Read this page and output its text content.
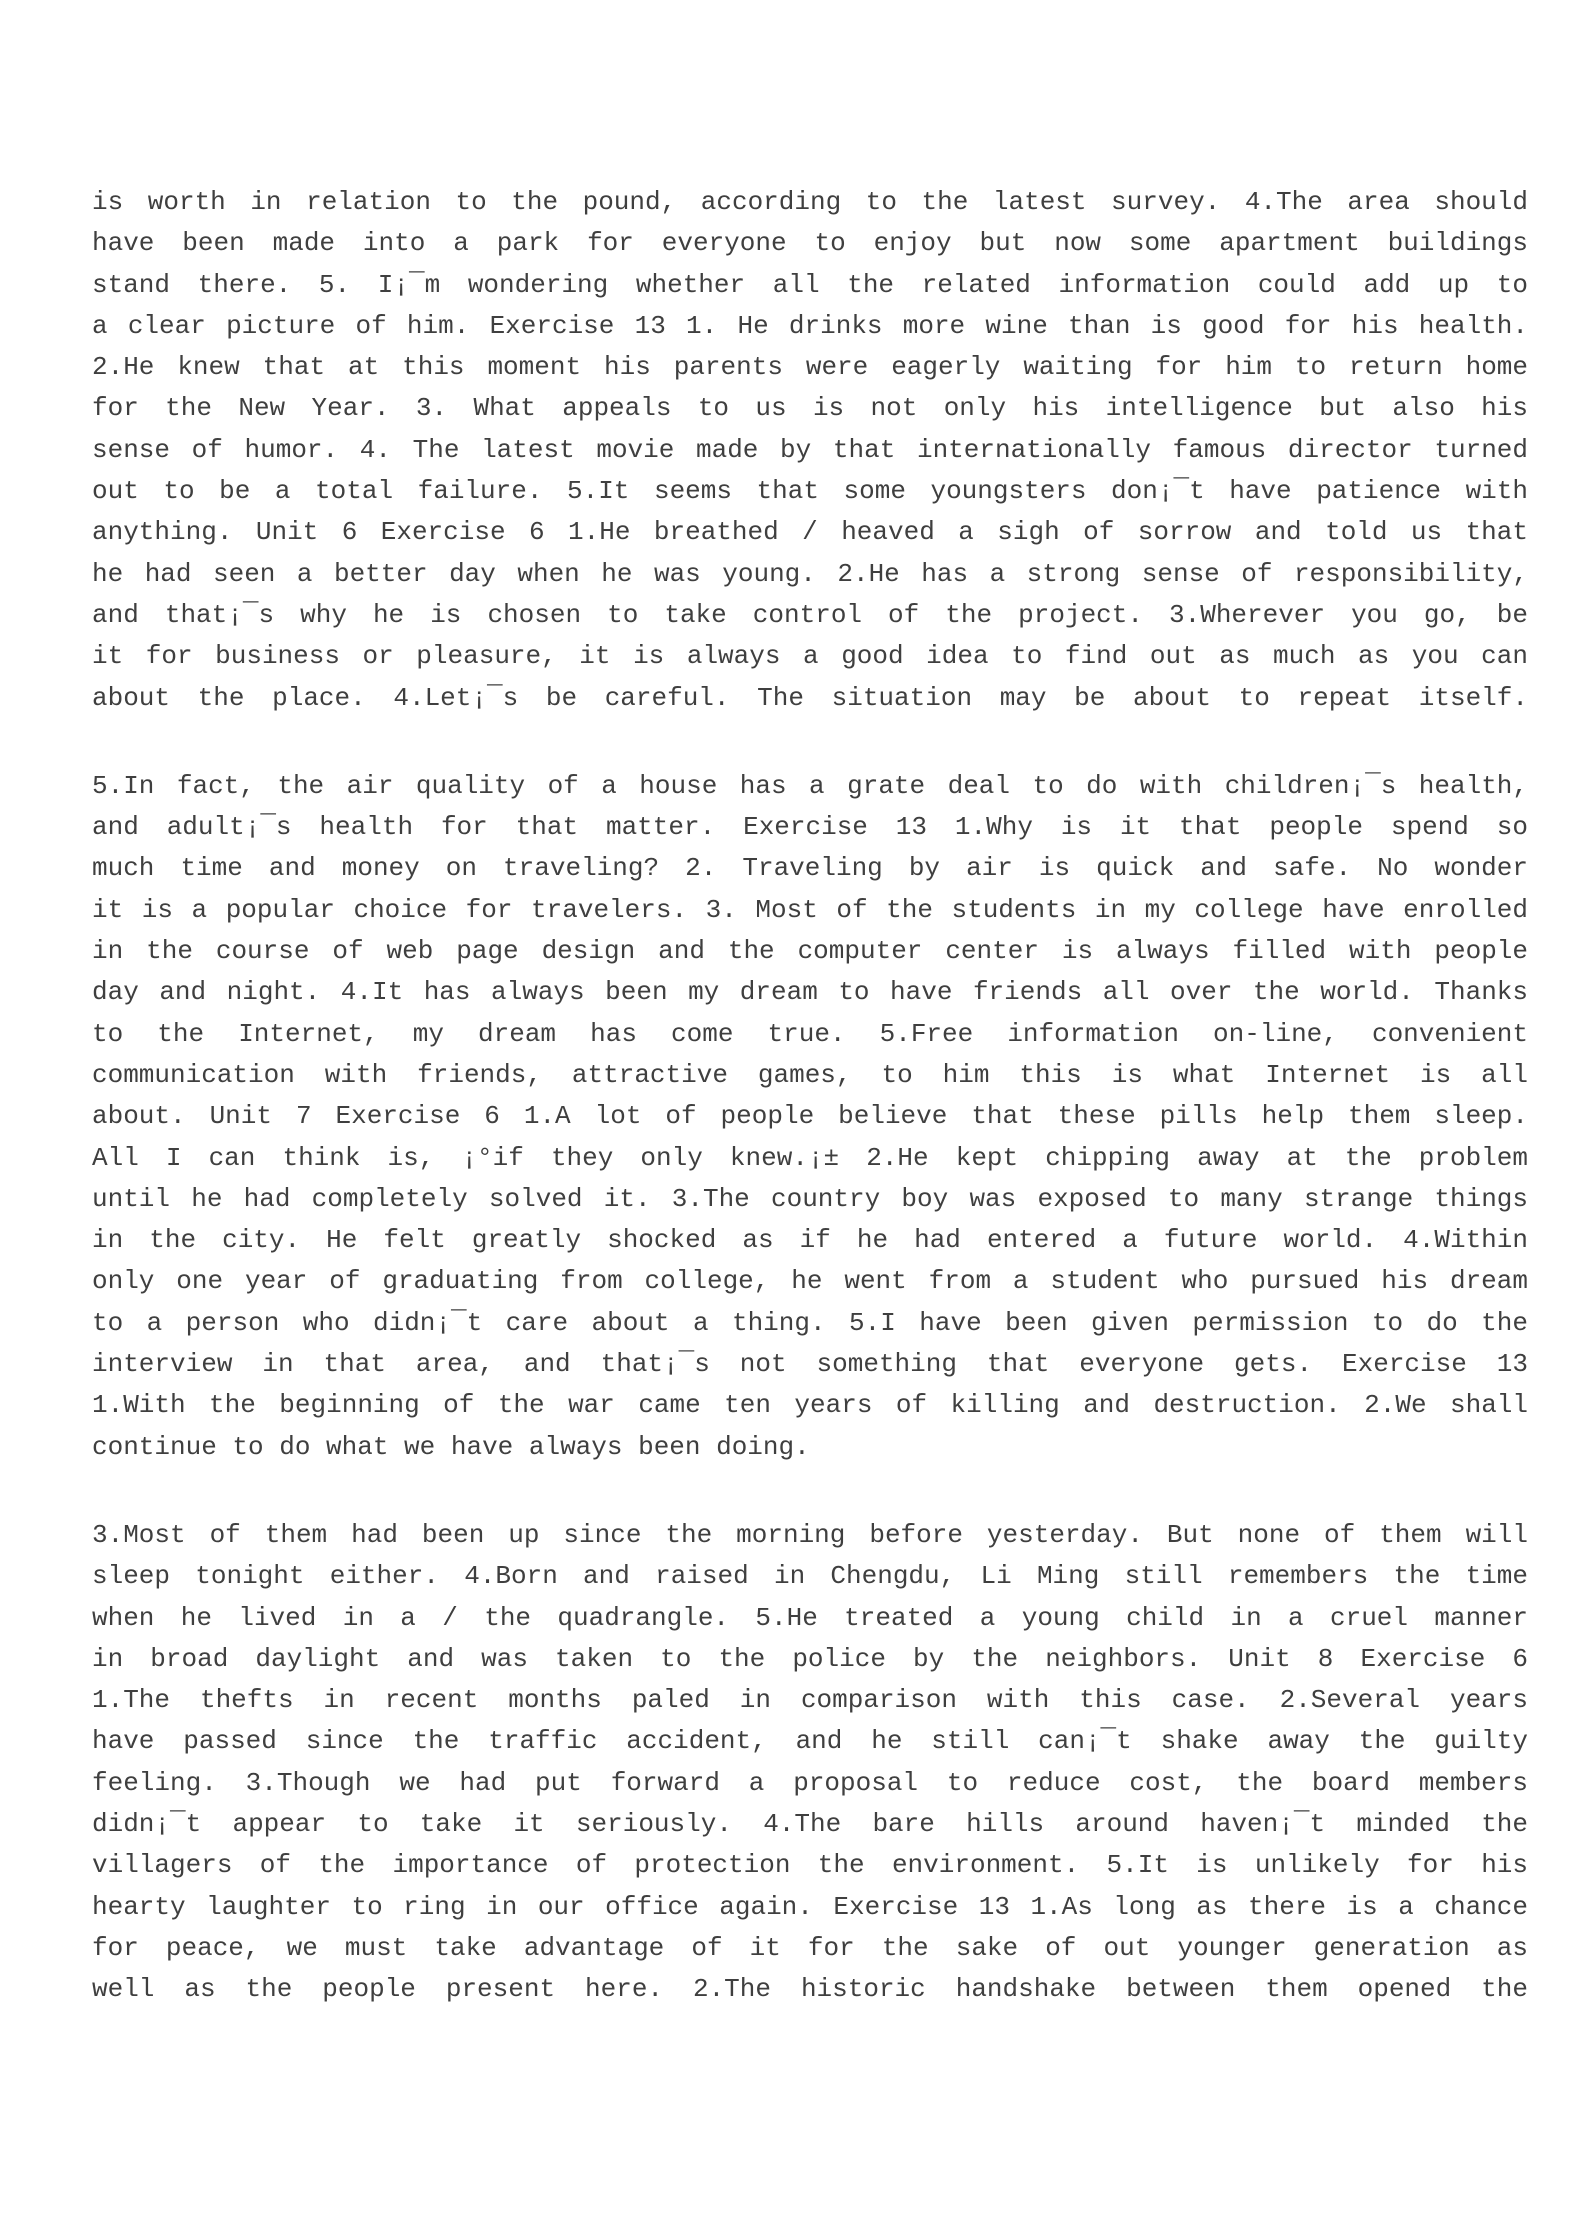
is worth in relation to the pound, according to the latest survey. 4.The area should
have been made into a park for everyone to enjoy but now some apartment buildings
stand there. 5. I¡¯m wondering whether all the related information could add up to
a clear picture of him. Exercise 13 1. He drinks more wine than is good for his health.
2.He knew that at this moment his parents were eagerly waiting for him to return home
for the New Year. 3. What appeals to us is not only his intelligence but also his
sense of humor. 4. The latest movie made by that internationally famous director turned
out to be a total failure. 5.It seems that some youngsters don¡¯t have patience with
anything. Unit 6 Exercise 6 1.He breathed / heaved a sigh of sorrow and told us that
he had seen a better day when he was young. 2.He has a strong sense of responsibility,
and that¡¯s why he is chosen to take control of the project. 3.Wherever you go, be
it for business or pleasure, it is always a good idea to find out as much as you can
about the place. 4.Let¡¯s be careful. The situation may be about to repeat itself.
5.In fact, the air quality of a house has a grate deal to do with children¡¯s health,
and adult¡¯s health for that matter. Exercise 13 1.Why is it that people spend so
much time and money on traveling? 2. Traveling by air is quick and safe. No wonder
it is a popular choice for travelers. 3. Most of the students in my college have enrolled
in the course of web page design and the computer center is always filled with people
day and night. 4.It has always been my dream to have friends all over the world. Thanks
to the Internet, my dream has come true. 5.Free information on-line, convenient
communication with friends, attractive games, to him this is what Internet is all
about. Unit 7 Exercise 6 1.A lot of people believe that these pills help them sleep.
All I can think is, ¡°if they only knew.¡± 2.He kept chipping away at the problem
until he had completely solved it. 3.The country boy was exposed to many strange things
in the city. He felt greatly shocked as if he had entered a future world. 4.Within
only one year of graduating from college, he went from a student who pursued his dream
to a person who didn¡¯t care about a thing. 5.I have been given permission to do the
interview in that area, and that¡¯s not something that everyone gets. Exercise 13
1.With the beginning of the war came ten years of killing and destruction. 2.We shall
continue to do what we have always been doing.
3.Most of them had been up since the morning before yesterday. But none of them will
sleep tonight either. 4.Born and raised in Chengdu, Li Ming still remembers the time
when he lived in a / the quadrangle. 5.He treated a young child in a cruel manner
in broad daylight and was taken to the police by the neighbors. Unit 8 Exercise 6
1.The thefts in recent months paled in comparison with this case. 2.Several years
have passed since the traffic accident, and he still can¡¯t shake away the guilty
feeling. 3.Though we had put forward a proposal to reduce cost, the board members
didn¡¯t appear to take it seriously. 4.The bare hills around haven¡¯t minded the
villagers of the importance of protection the environment. 5.It is unlikely for his
hearty laughter to ring in our office again. Exercise 13 1.As long as there is a chance
for peace, we must take advantage of it for the sake of out younger generation as
well as the people present here. 2.The historic handshake between them opened the
